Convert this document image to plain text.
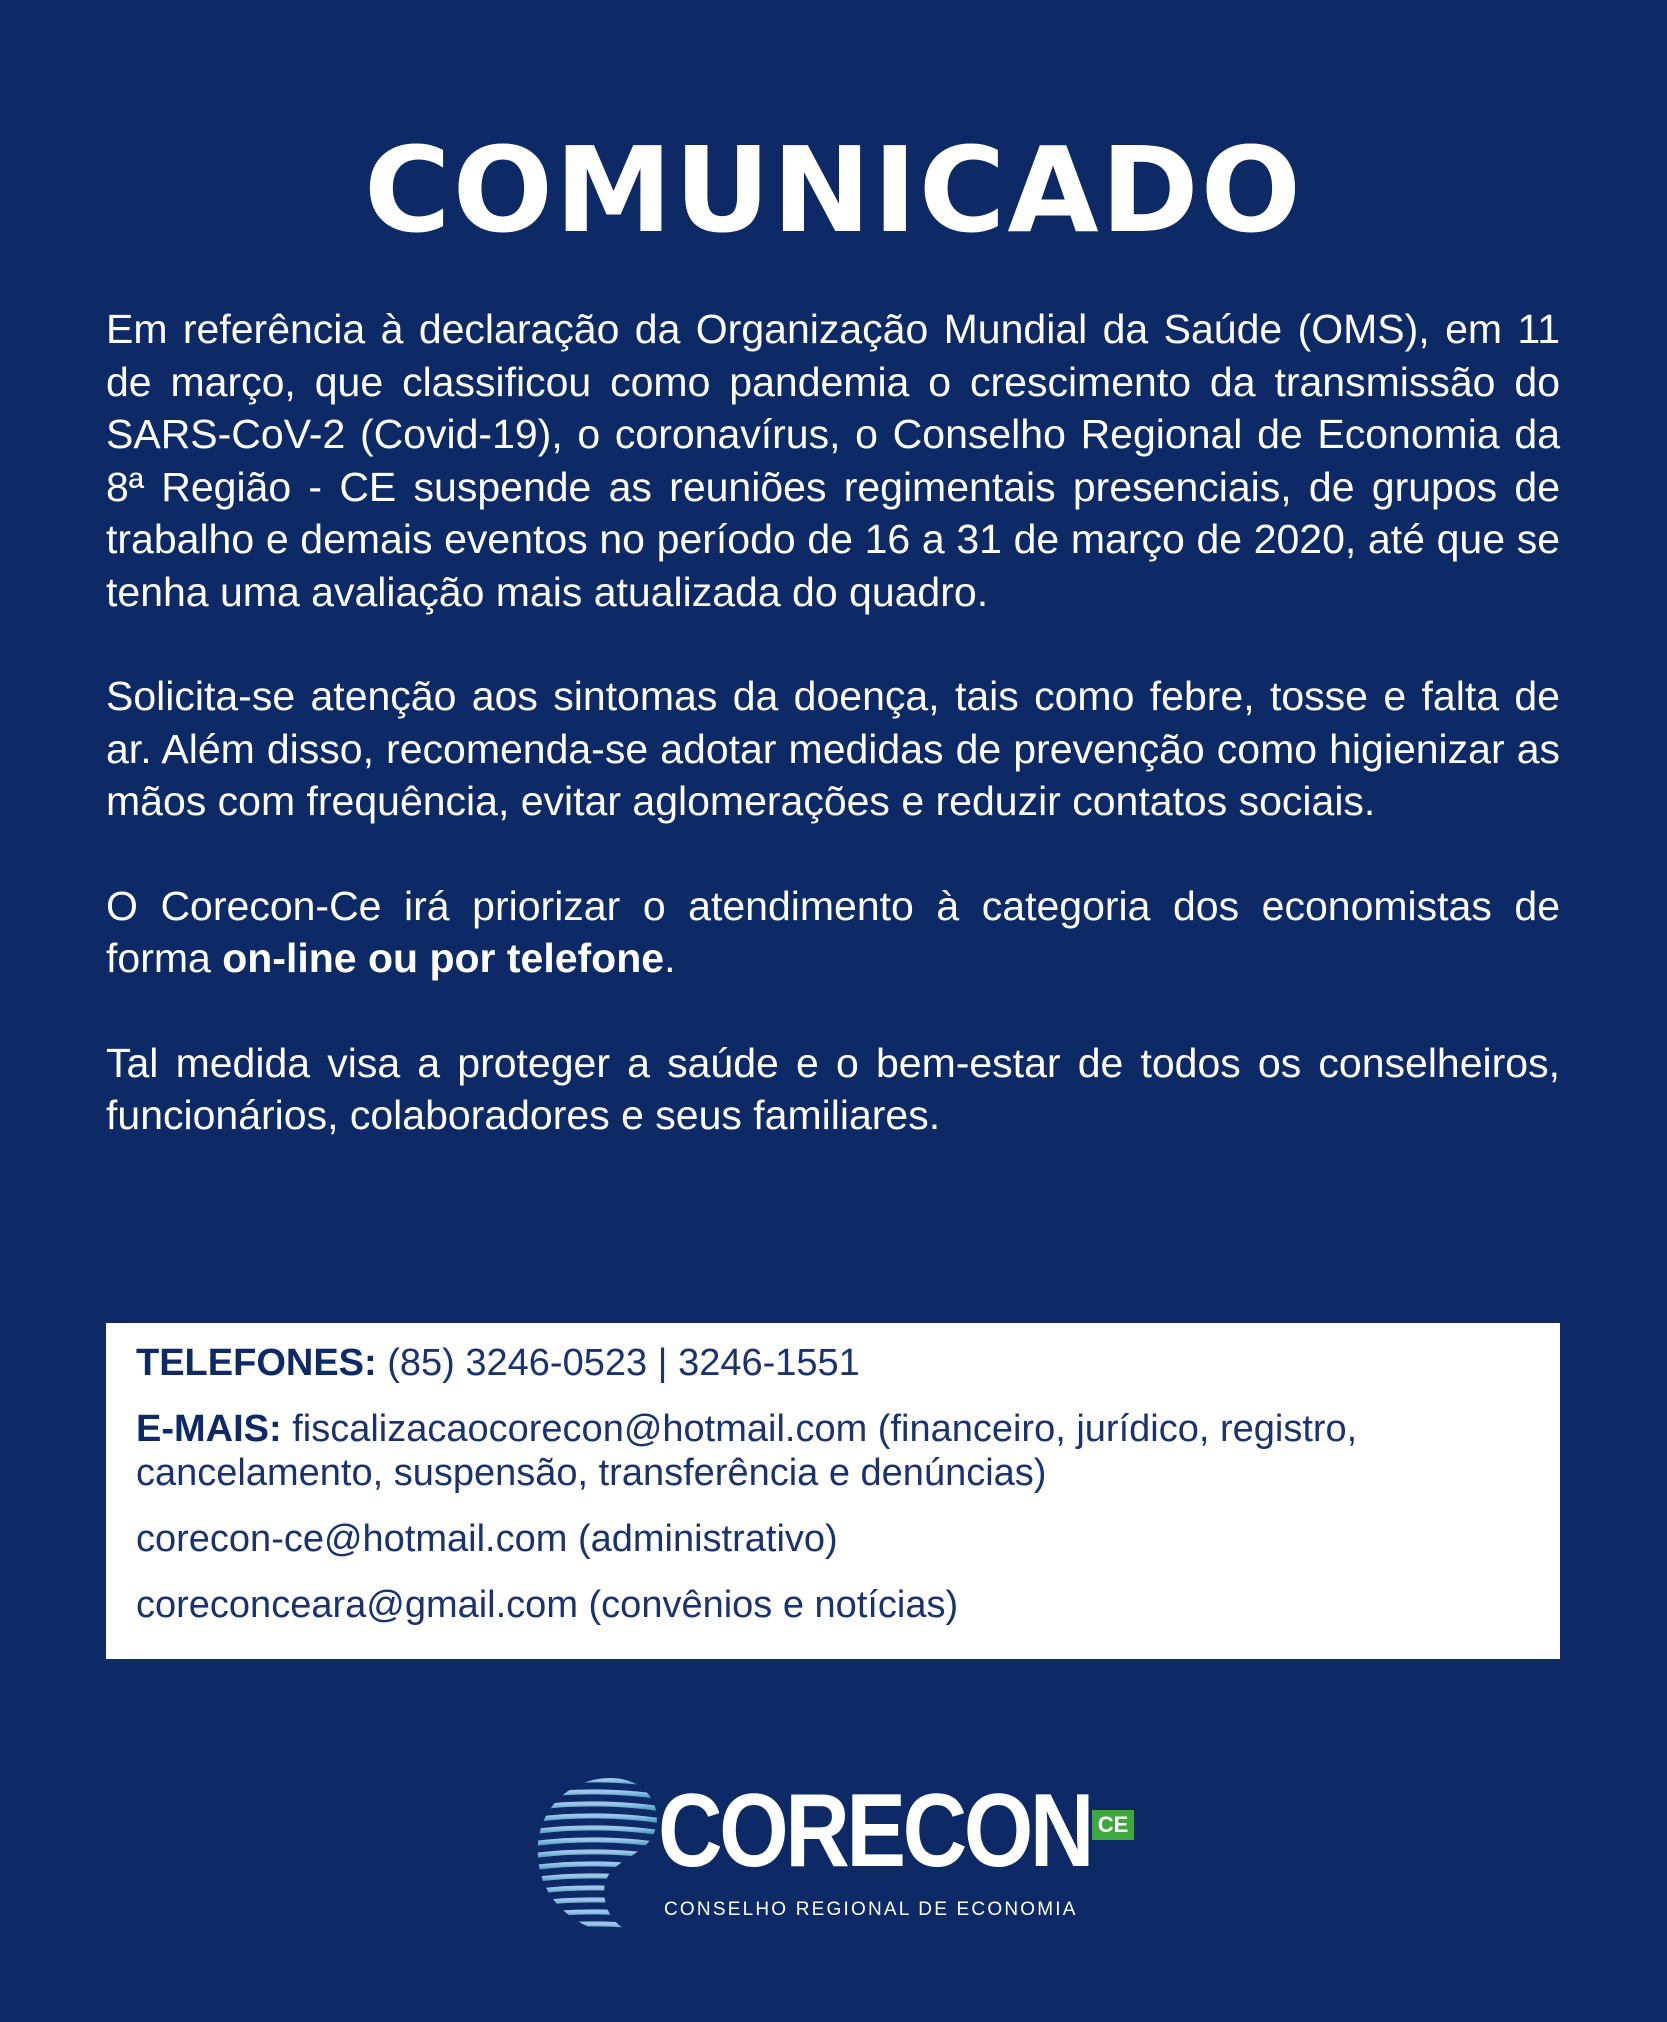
COMUNICADO

Em referência à declaração da Organização Mundial da Saúde (OMS), em 11 de março, que classificou como pandemia o crescimento da transmissão do SARS-CoV-2 (Covid-19), o coronavírus, o Conselho Regional de Economia da 8ª Região - CE suspende as reuniões regimentais presenciais, de grupos de trabalho e demais eventos no período de 16 a 31 de março de 2020, até que se tenha uma avaliação mais atualizada do quadro.

Solicita-se atenção aos sintomas da doença, tais como febre, tosse e falta de ar. Além disso, recomenda-se adotar medidas de prevenção como higienizar as mãos com frequência, evitar aglomerações e reduzir contatos sociais.

O Corecon-Ce irá priorizar o atendimento à categoria dos economistas de forma on-line ou por telefone.

Tal medida visa a proteger a saúde e o bem-estar de todos os conselheiros, funcionários, colaboradores e seus familiares.

TELEFONES: (85) 3246-0523 | 3246-1551
E-MAIS: fiscalizacaocorecon@hotmail.com (financeiro, jurídico, registro, cancelamento, suspensão, transferência e denúncias)
corecon-ce@hotmail.com (administrativo)
coreconceara@gmail.com (convênios e notícias)
CORECON CE
CONSELHO REGIONAL DE ECONOMIA
